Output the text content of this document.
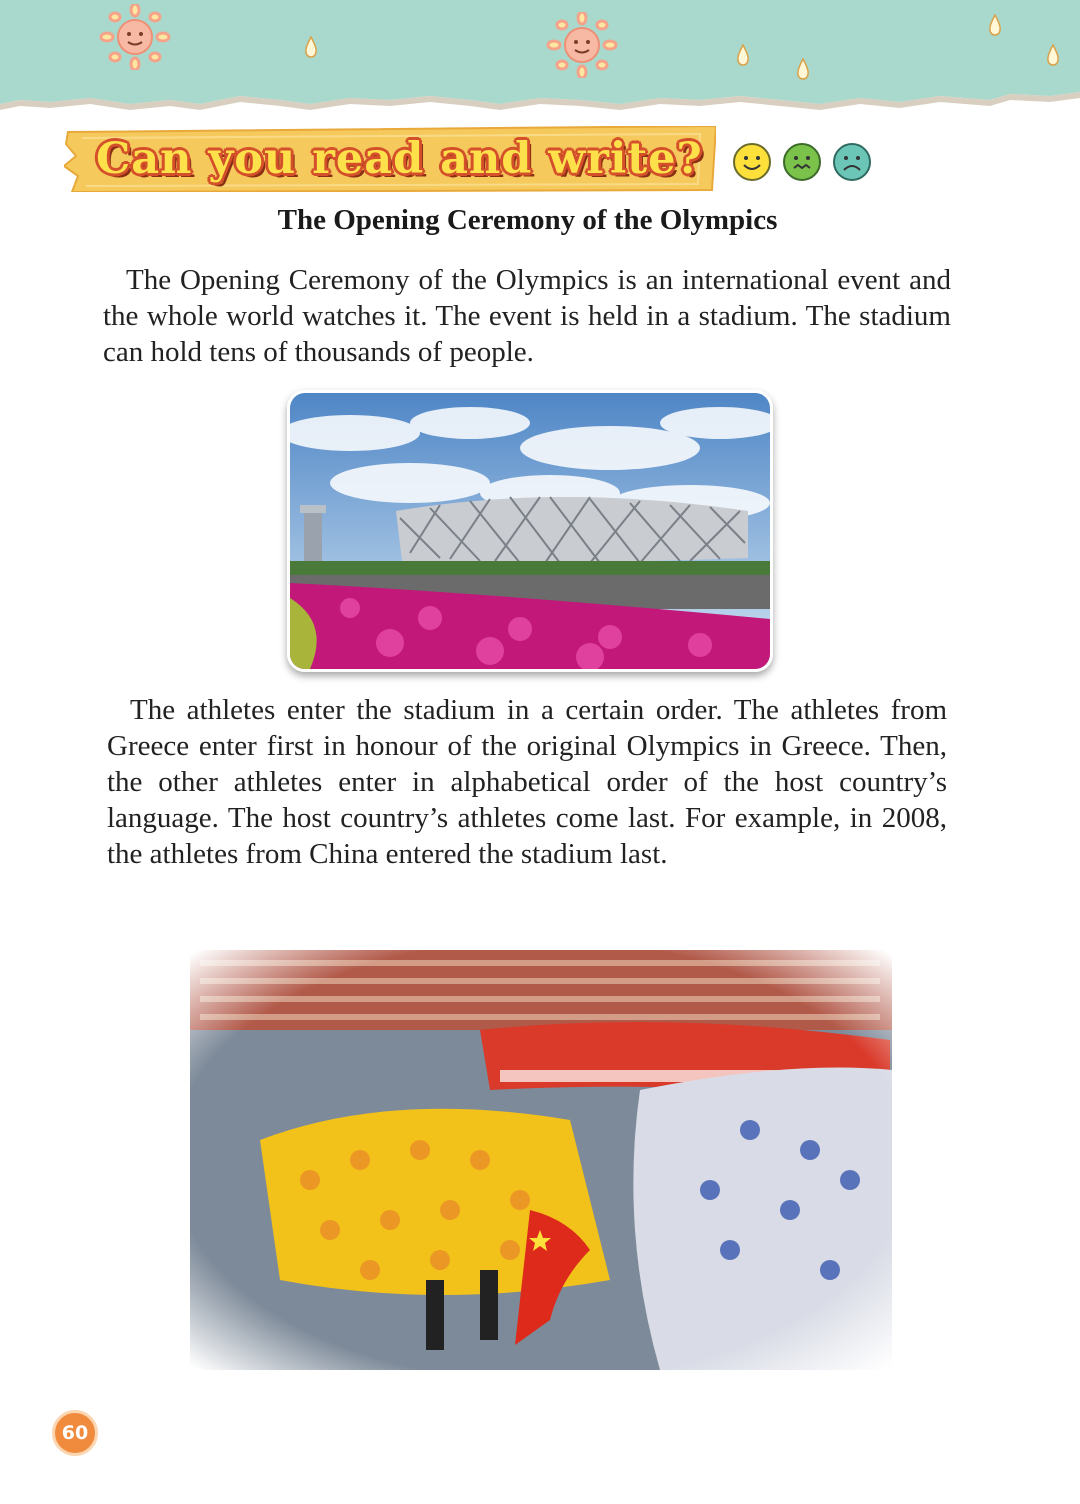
Can you read and write?
The Opening Ceremony of the Olympics

The Opening Ceremony of the Olympics is an international event and the whole world watches it. The event is held in a stadium. The stadium can hold tens of thousands of people.

The athletes enter the stadium in a certain order. The athletes from Greece enter first in honour of the original Olympics in Greece. Then, the other athletes enter in alphabetical order of the host country’s language. The host country’s athletes come last. For example, in 2008, the athletes from China entered the stadium last.

60
